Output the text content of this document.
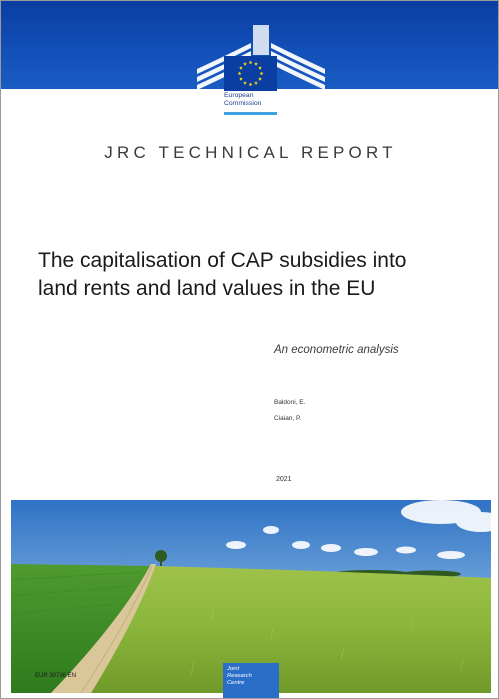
European
Commission
JRC TECHNICAL REPORT
The capitalisation of CAP subsidies into
land rents and land values in the EU
An econometric analysis
Baldoni, E.
Ciaian, P.
2021
EUR 30736 EN
Joint
Research
Centre
